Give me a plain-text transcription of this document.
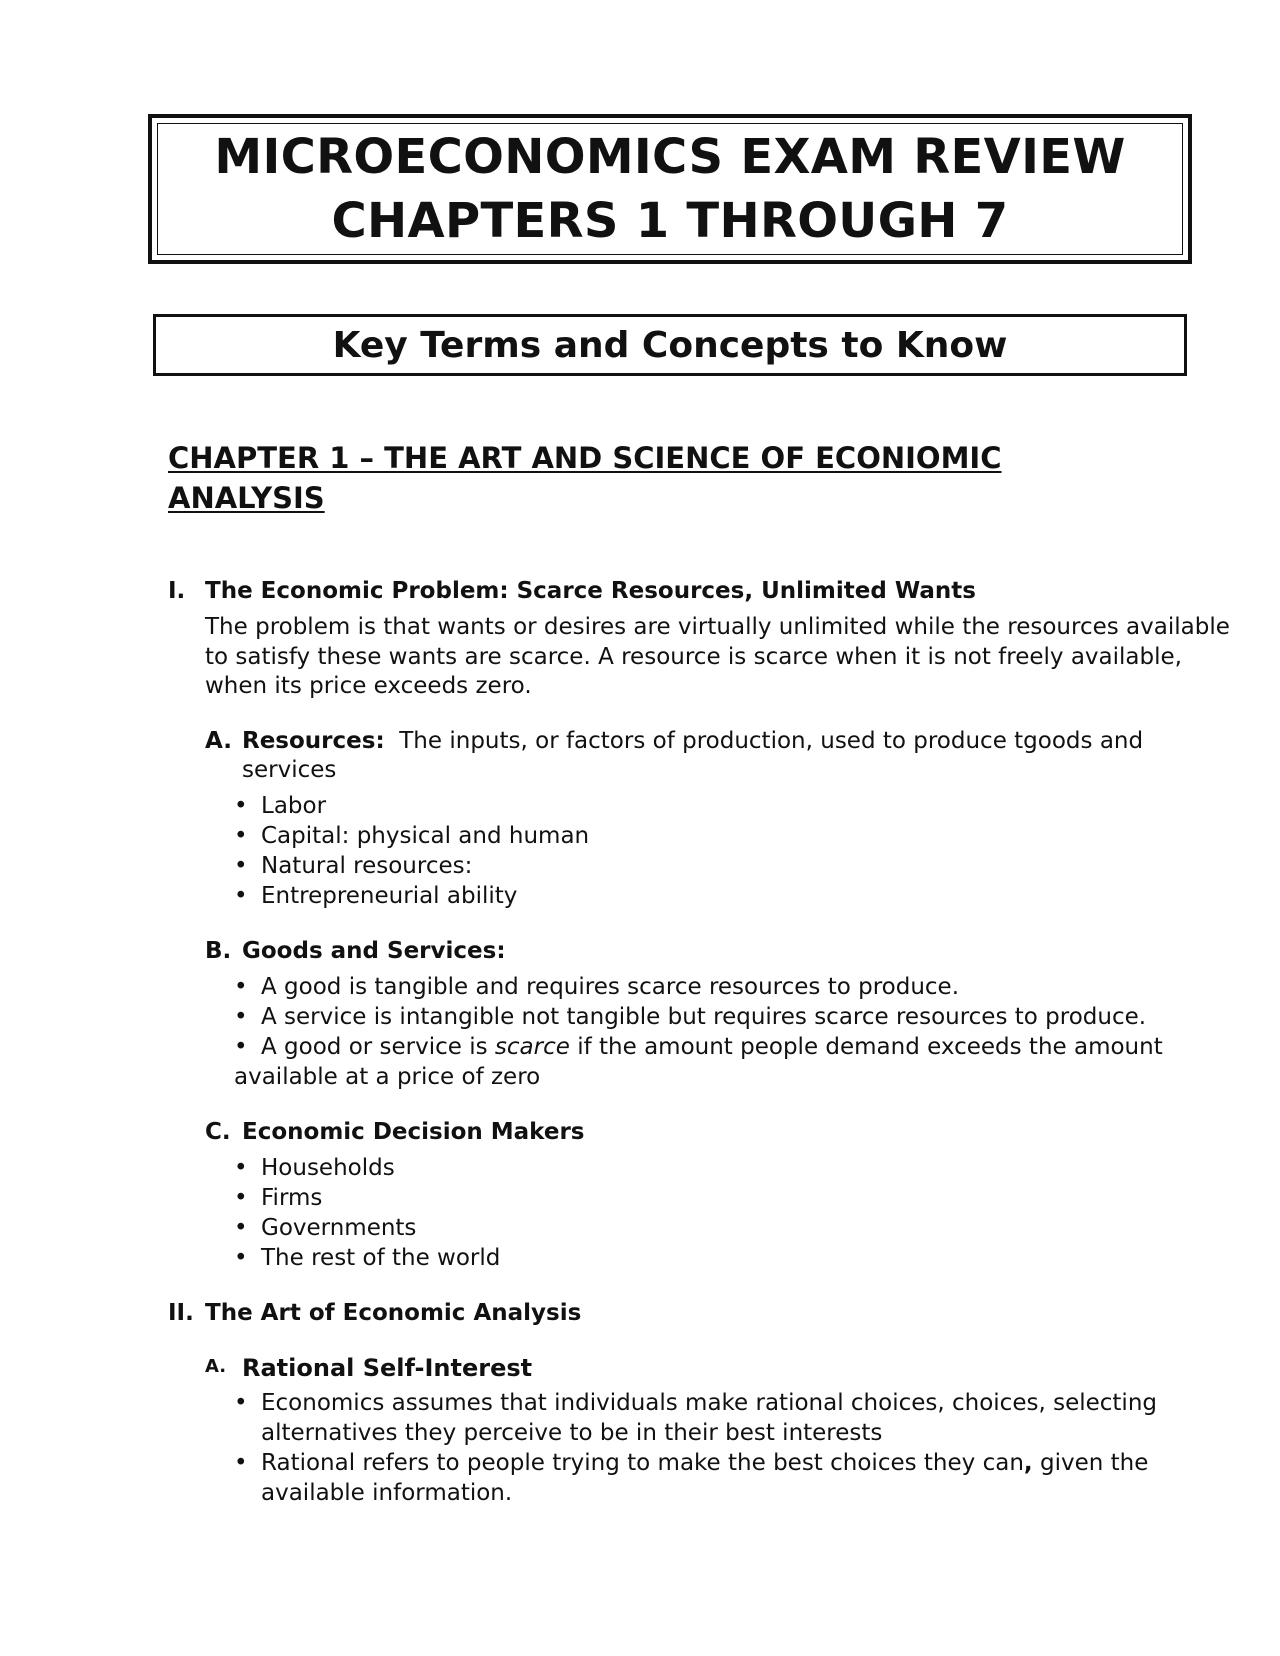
MICROECONOMICS EXAM REVIEW
CHAPTERS 1 THROUGH 7
Key Terms and Concepts to Know
CHAPTER 1 – THE ART AND SCIENCE OF ECONIOMIC
ANALYSIS
I. The Economic Problem: Scarce Resources, Unlimited Wants
The problem is that wants or desires are virtually unlimited while the resources available
to satisfy these wants are scarce. A resource is scarce when it is not freely available,
when its price exceeds zero.
A. Resources:  The inputs, or factors of production, used to produce tgoods and
services
• Labor
• Capital: physical and human
• Natural resources:
• Entrepreneurial ability
B. Goods and Services:
• A good is tangible and requires scarce resources to produce.
• A service is intangible not tangible but requires scarce resources to produce.
• A good or service is scarce if the amount people demand exceeds the amount
available at a price of zero
C. Economic Decision Makers
• Households
• Firms
• Governments
• The rest of the world
II. The Art of Economic Analysis
A. Rational Self-Interest
• Economics assumes that individuals make rational choices, choices, selecting
alternatives they perceive to be in their best interests
• Rational refers to people trying to make the best choices they can, given the
available information.
